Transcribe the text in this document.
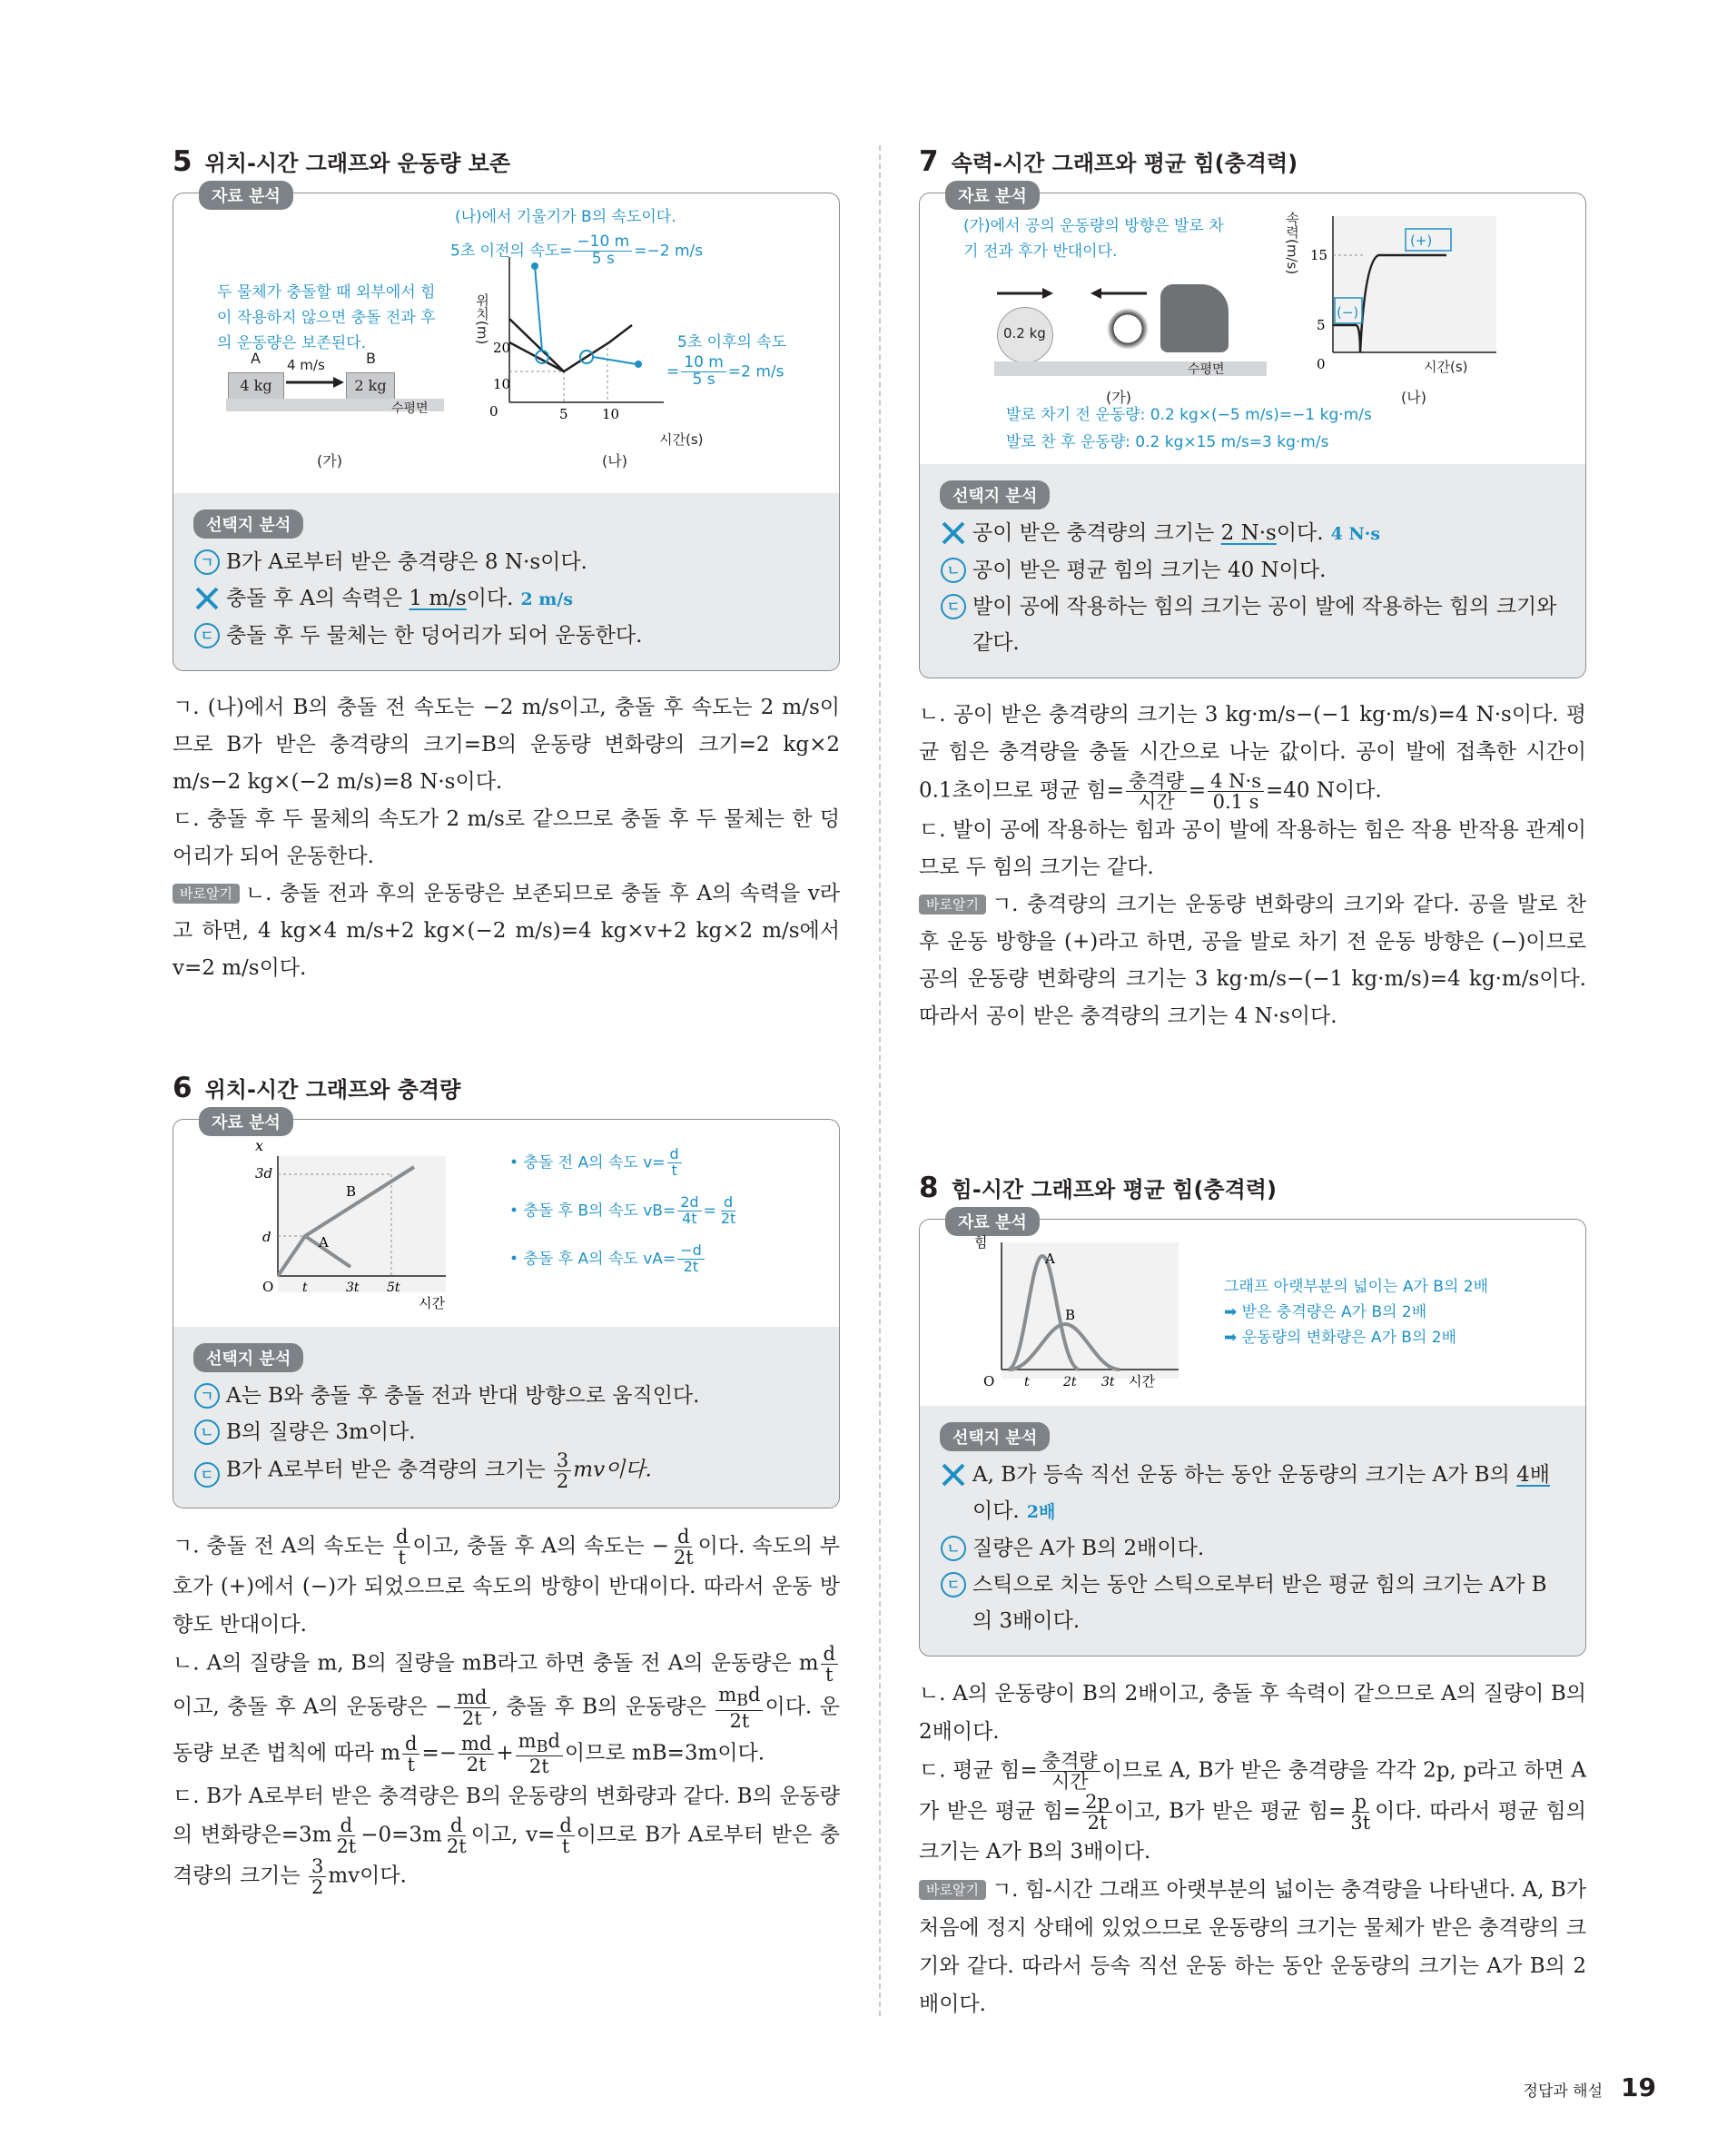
5 위치-시간 그래프와 운동량 보존
자료 분석
두 물체가 충돌할 때 외부에서 힘이 작용하지 않으면 충돌 전과 후의 운동량은 보존된다.
A	B
4 kg	2 kg
4 m/s
수평면
(가)
(나)에서 기울기가 B의 속도이다.
5초 이전의 속도= $\frac{-10 m}{5 s} =-2$ m/s
5초 이후의 속도
= $\frac{10 m}{5 s} =2$ m/s
위치(m)
시간(s)
(나)
20
10
0	5 10
선택지 분석
ㄱ B가 A로부터 받은 충격량은 8 N·s이다.
충돌 후 A의 속력은 1 m/s이다. 2 m/s
ㄷ 충돌 후 두 물체는 한 덩어리가 되어 운동한다.

ㄱ. (나)에서 B의 충돌 전 속도는 −2 m/s이고, 충돌 후 속도는 2 m/s이므로 B가 받은 충격량의 크기=B의 운동량 변화량의 크기=2 kg×2 m/s−2 kg×(−2 m/s)=8 N·s이다.

ㄷ. 충돌 후 두 물체의 속도가 2 m/s로 같으므로 충돌 후 두 물체는 한 덩어리가 되어 운동한다.

바로알기 ㄴ. 충돌 전과 후의 운동량은 보존되므로 충돌 후 A의 속력을 v라고 하면, 4 kg×4 m/s+2 kg×(−2 m/s)=4 kg×v+2 kg×2 m/s에서 v=2 m/s이다.

6 위치-시간 그래프와 충격량
자료 분석
x
3d
d
O t	3t 5t
시간
B
A
• 충돌 전 A의 속도 $v= \frac{d}{t}$
• 충돌 후 B의 속도 $vB= \frac{2d}{4t} = \frac{d}{2t}$
• 충돌 후 A의 속도 $vA= \frac{-d}{2t}$
선택지 분석
ㄱ A는 B와 충돌 후 충돌 전과 반대 방향으로 움직인다.
ㄴ B의 질량은 3m이다.
ㄷ B가 A로부터 받은 충격량의 크기는 $\frac{3}{2}$ mv이다.

ㄱ. 충돌 전 A의 속도는 $\frac{d}{t}$ 이고, 충돌 후 A의 속도는 − $\frac{d}{2t}$ 이다. 속도의 부호가 (+)에서 (−)가 되었으므로 속도의 방향이 반대이다. 따라서 운동 방향도 반대이다.

ㄴ. A의 질량을 m, B의 질량을 mB라고 하면 충돌 전 A의 운동량은 m $\frac{d}{t}$
이고, 충돌 후 A의 운동량은 − $\frac{md}{2t}$ , 충돌 후 B의 운동량은 $\frac{m_Bd}{2t}$ 이다. 운동량 보존 법칙에 따라 m $\frac{d}{t} =- \frac{md}{2t} + \frac{m_Bd}{2t}$ 이므로 mB=3m이다.

ㄷ. B가 A로부터 받은 충격량은 B의 운동량의 변화량과 같다. B의 운동량의 변화량은$=3m \frac{d}{2t} -0=3m \frac{d}{2t}$ 이고, $v= \frac{d}{t}$ 이므로 B가 A로부터 받은 충격량의 크기는 $\frac{3}{2}$ mv이다.

7 속력-시간 그래프와 평균 힘(충격력)
자료 분석
(가)에서 공의 운동량의 방향은 발로 차기 전과 후가 반대이다.
0.2 kg
수평면
(가)
속력(m/s) 15
5
0
(−)
(+)
시간(s)
(나)
발로 차기 전 운동량: 0.2 kg×(−5 m/s)=−1 kg·m/s
발로 찬 후 운동량: 0.2 kg×15 m/s=3 kg·m/s
선택지 분석
공이 받은 충격량의 크기는 2 N·s이다. 4 N·s
ㄴ 공이 받은 평균 힘의 크기는 40 N이다.
ㄷ 발이 공에 작용하는 힘의 크기는 공이 발에 작용하는 힘의 크기와 같다.

ㄴ. 공이 받은 충격량의 크기는 3 kg·m/s−(−1 kg·m/s)=4 N·s이다. 평균 힘은 충격량을 충돌 시간으로 나눈 값이다. 공이 발에 접촉한 시간이 0.1초이므로 평균 힘= $\frac{\text{충격량}}{\text{시간}} = \frac{4 N\cdot s}{0.1 s} =40$ N이다.

ㄷ. 발이 공에 작용하는 힘과 공이 발에 작용하는 힘은 작용 반작용 관계이므로 두 힘의 크기는 같다.

바로알기 ㄱ. 충격량의 크기는 운동량 변화량의 크기와 같다. 공을 발로 찬 후 운동 방향을 (+)라고 하면, 공을 발로 차기 전 운동 방향은 (−)이므로 공의 운동량 변화량의 크기는 3 kg·m/s−(−1 kg·m/s)=4 kg·m/s이다. 따라서 공이 받은 충격량의 크기는 4 N·s이다.

8 힘-시간 그래프와 평균 힘(충격력)
자료 분석
힘
A
B
O t	2t 3t 시간
그래프 아랫부분의 넓이는 A가 B의 2배
➡ 받은 충격량은 A가 B의 2배
➡ 운동량의 변화량은 A가 B의 2배
선택지 분석
A, B가 등속 직선 운동 하는 동안 운동량의 크기는 A가 B의 4배이다. 2배
ㄴ 질량은 A가 B의 2배이다.
ㄷ 스틱으로 치는 동안 스틱으로부터 받은 평균 힘의 크기는 A가 B의 3배이다.

ㄴ. A의 운동량이 B의 2배이고, 충돌 후 속력이 같으므로 A의 질량이 B의 2배이다.

ㄷ. 평균 힘= $\frac{\text{충격량}}{\text{시간}}$ 이므로 A, B가 받은 충격량을 각각 2p, p라고 하면 A가 받은 평균 힘= $\frac{2p}{2t}$ 이고, B가 받은 평균 힘= $\frac{p}{3t}$ 이다. 따라서 평균 힘의 크기는 A가 B의 3배이다.

바로알기 ㄱ. 힘-시간 그래프 아랫부분의 넓이는 충격량을 나타낸다. A, B가 처음에 정지 상태에 있었으므로 운동량의 크기는 물체가 받은 충격량의 크기와 같다. 따라서 등속 직선 운동 하는 동안 운동량의 크기는 A가 B의 2배이다.

정답과 해설 19
